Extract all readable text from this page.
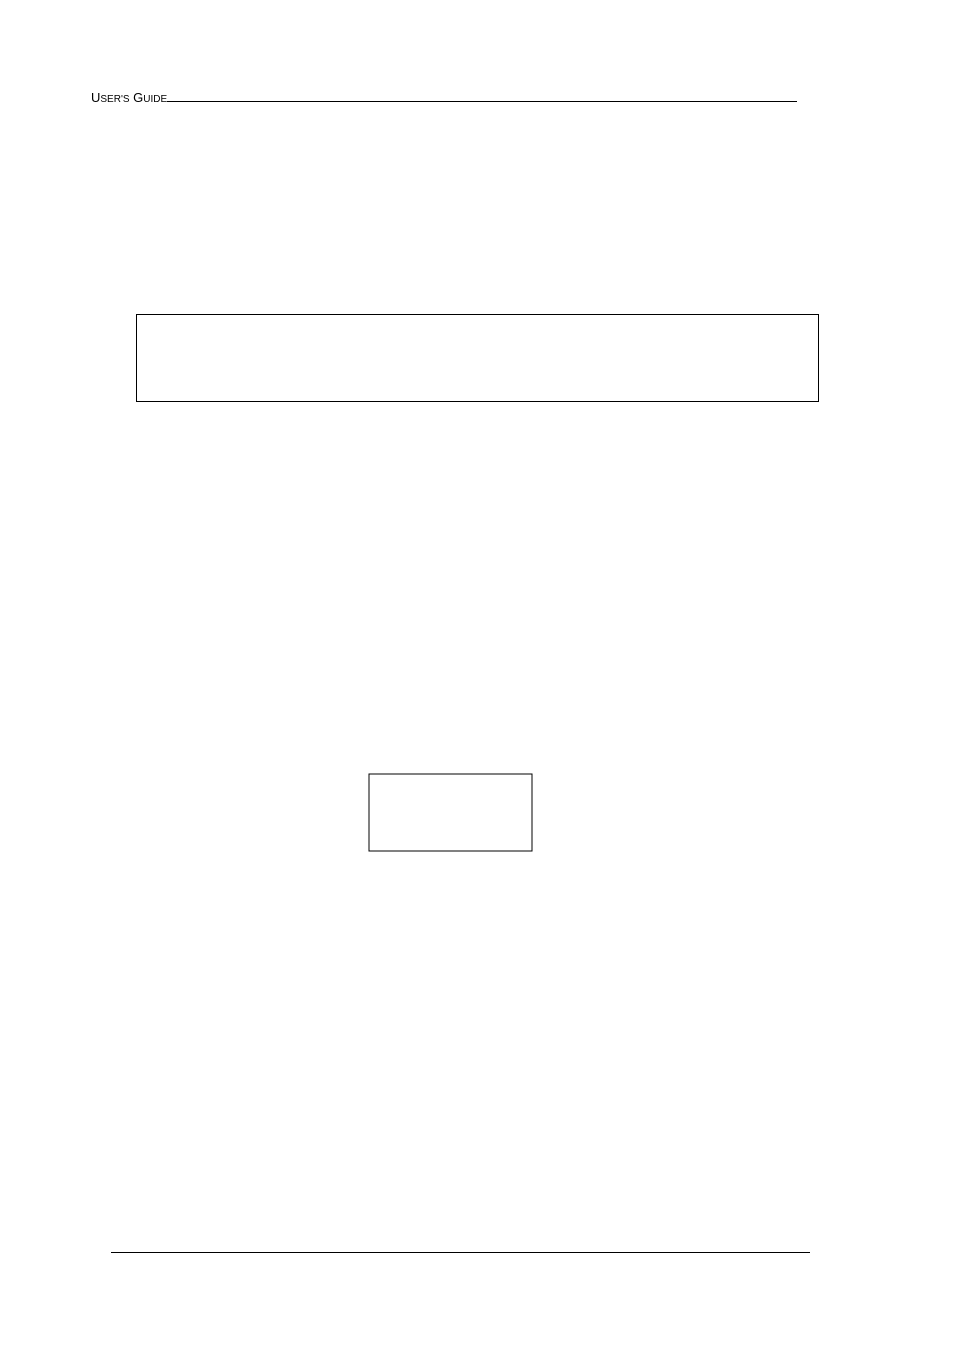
USER'S GUIDE
